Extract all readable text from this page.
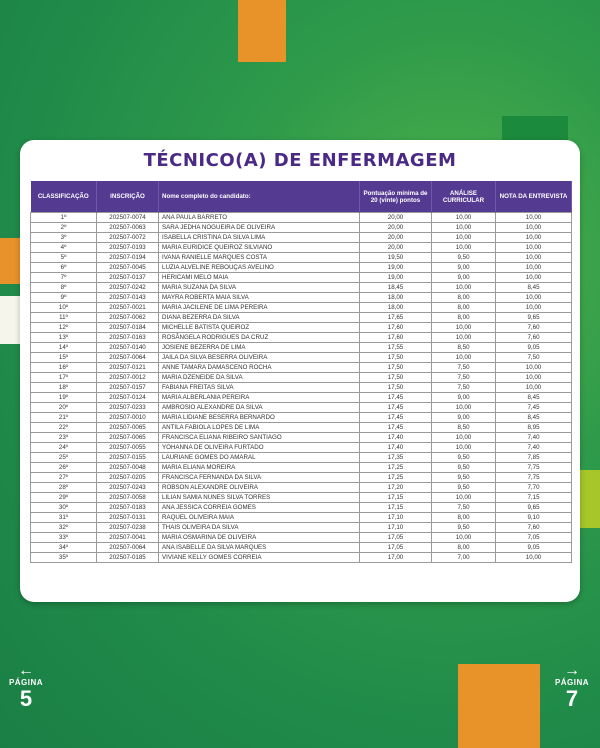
TÉCNICO(A) DE ENFERMAGEM
CLASSIFICAÇÃO	INSCRIÇÃO	Nome completo do candidato:	Pontuação mínima de 20 (vinte) pontos	ANÁLISE CURRICULAR	NOTA DA ENTREVISTA
1º	202507-0074	ANA PAULA BARRETO	20,00	10,00	10,00
2º	202507-0063	SARA JEDHA NOGUEIRA DE OLIVEIRA	20,00	10,00	10,00
3º	202507-0072	ISABELLA CRISTINA DA SILVA LIMA	20,00	10,00	10,00
4º	202507-0193	MARIA EURIDICE QUEIROZ SILVIANO	20,00	10,00	10,00
5º	202507-0194	IVANA RANIELLE MARQUES COSTA	19,50	9,50	10,00
6º	202507-0045	LUZIA ALVELINE REBOUÇAS AVELINO	19,00	9,00	10,00
7º	202507-0137	HERICAMI MELO MAIA	19,00	9,00	10,00
8º	202507-0242	MARIA SUZANA DA SILVA	18,45	10,00	8,45
9º	202507-0143	MAYRA ROBERTA MAIA SILVA	18,00	8,00	10,00
10º	202507-0021	MARIA JACILENE DE LIMA PEREIRA	18,00	8,00	10,00
11º	202507-0062	DIANA BEZERRA DA SILVA	17,65	8,00	9,65
12º	202507-0184	MICHELLE BATISTA QUEIROZ	17,60	10,00	7,60
13º	202507-0163	ROSÂNGELA RODRIGUES DA CRUZ	17,60	10,00	7,60
14º	202507-0140	JOSIENE BEZERRA DE LIMA	17,55	8,50	9,05
15º	202507-0064	JAILA DA SILVA BESERRA OLIVEIRA	17,50	10,00	7,50
16º	202507-0121	ANNE TAMARA DAMASCENO ROCHA	17,50	7,50	10,00
17º	202507-0012	MARIA DZENEIDE DA SILVA	17,50	7,50	10,00
18º	202507-0157	FABIANA FREITAS SILVA	17,50	7,50	10,00
19º	202507-0124	MARIA ALBERLANIA PEREIRA	17,45	9,00	8,45
20º	202507-0233	AMBROSIO ALEXANDRE DA SILVA	17,45	10,00	7,45
21º	202507-0010	MARIA LIDIANE BESERRA BERNARDO	17,45	9,00	8,45
22º	202507-0065	ANTILA FABIOLA LOPES DE LIMA	17,45	8,50	8,95
23º	202507-0065	FRANCISCA ELIANA RIBEIRO SANTIAGO	17,40	10,00	7,40
24º	202507-0055	YOHANNA DE OLIVEIRA FURTADO	17,40	10,00	7,40
25º	202507-0155	LAURIANE GOMES DO AMARAL	17,35	9,50	7,85
26º	202507-0048	MARIA ELIANA MOREIRA	17,25	9,50	7,75
27º	202507-0205	FRANCISCA FERNANDA DA SILVA	17,25	9,50	7,75
28º	202507-0243	ROBSON ALEXANDRE OLIVEIRA	17,20	9,50	7,70
29º	202507-0058	LILIAN SAMIA NUNES SILVA TORRES	17,15	10,00	7,15
30º	202507-0183	ANA JESSICA CORREIA GOMES	17,15	7,50	9,65
31º	202507-0131	RAQUEL OLIVEIRA MAIA	17,10	8,00	9,10
32º	202507-0238	THAIS OLIVEIRA DA SILVA	17,10	9,50	7,60
33º	202507-0041	MARIA OSMARINA DE OLIVEIRA	17,05	10,00	7,05
34º	202507-0064	ANA ISABELLE DA SILVA MARQUES	17,05	8,00	9,05
35º	202507-0185	VIVIANE KELLY GOMES CORREIA	17,00	7,00	10,00
←
PÁGINA
5
→
PÁGINA
7
